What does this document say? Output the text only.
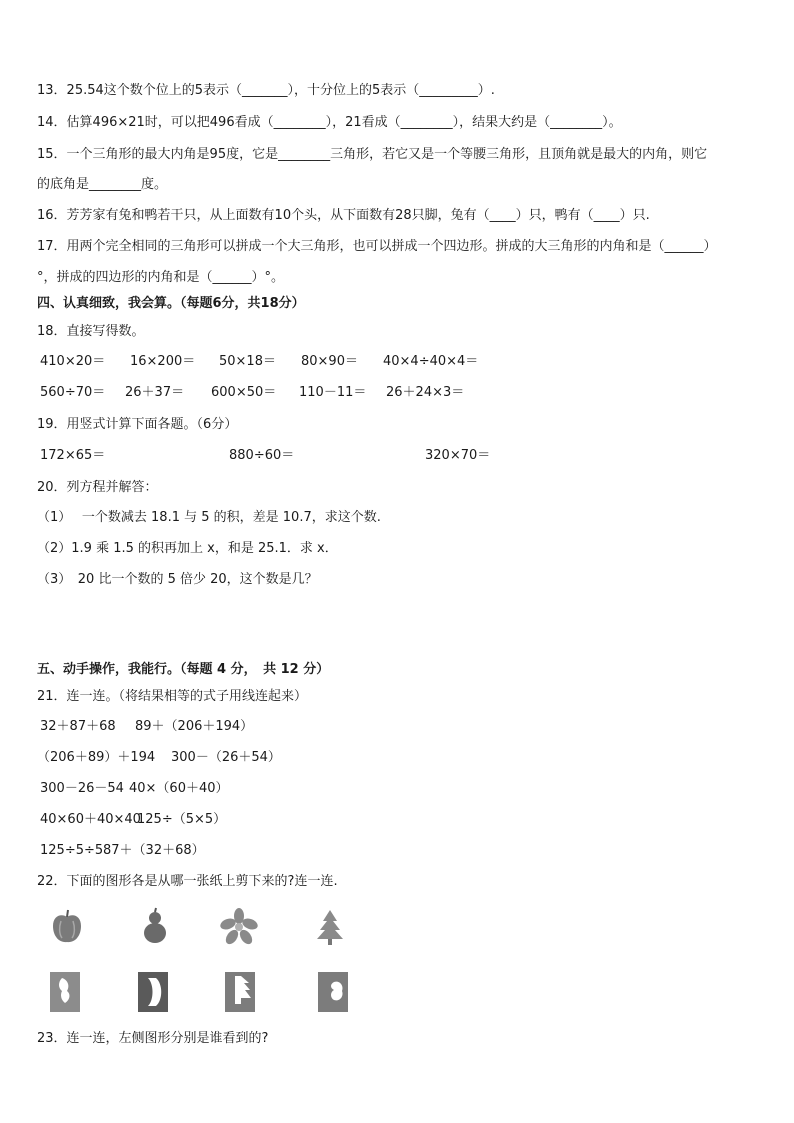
13．25.54这个数个位上的5表示（_______），十分位上的5表示（_________）.
14．估算496×21时，可以把496看成（________），21看成（________），结果大约是（________）。
15．一个三角形的最大内角是95度，它是________三角形，若它又是一个等腰三角形，且顶角就是最大的内角，则它
的底角是________度。
16．芳芳家有兔和鸭若干只，从上面数有10个头，从下面数有28只脚，兔有（____）只，鸭有（____）只.
17．用两个完全相同的三角形可以拼成一个大三角形，也可以拼成一个四边形。拼成的大三角形的内角和是（______）
°，拼成的四边形的内角和是（______）°。
四、认真细致，我会算。（每题6分，共18分）
18．直接写得数。
410×20＝ 16×200＝ 50×18＝ 80×90＝ 40×4÷40×4＝
560÷70＝ 26＋37＝ 600×50＝ 110－11＝ 26＋24×3＝
19．用竖式计算下面各题。（6分）
172×65＝	880÷60＝	320×70＝
20．列方程并解答：
（1）　 一个数减去 18.1 与 5 的积，差是 10.7，求这个数.
（2）1.9 乘 1.5 的积再加上 x，和是 25.1．求 x．
（3）　20 比一个数的 5 倍少 20，这个数是几？
五、动手操作，我能行。（每题 4 分，　共 12 分）
21．连一连。（将结果相等的式子用线连起来）
32＋87＋68 89＋（206＋194）
（206＋89）＋194 300－（26＋54）
300－26－54 40×（60＋40）
40×60＋40×40
125÷（5×5）
125÷5÷5 87＋（32＋68）
22．下面的图形各是从哪一张纸上剪下来的?连一连.
23．连一连，左侧图形分别是谁看到的?
